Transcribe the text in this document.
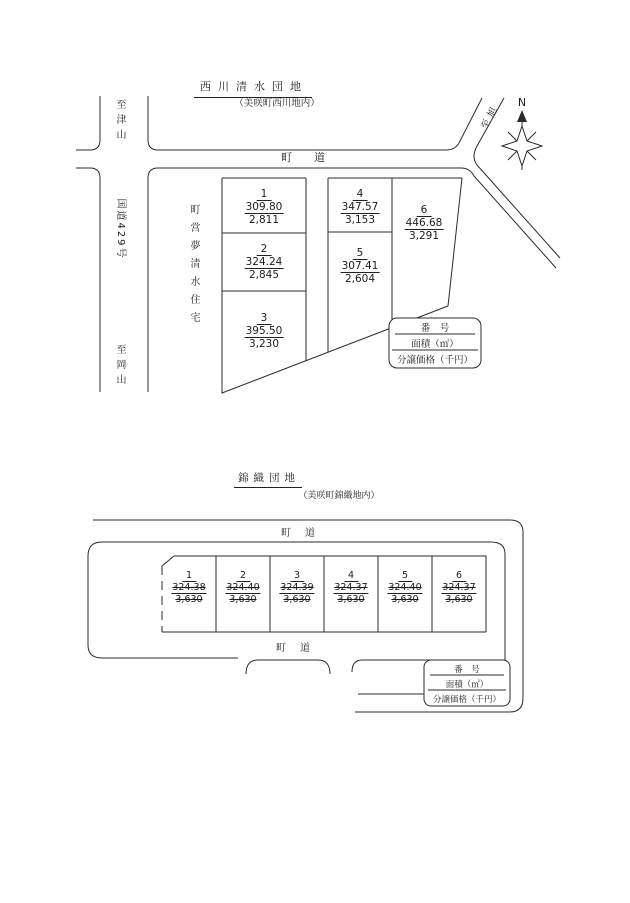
西川清水団地
（美咲町西川地内）
町道
至津山
国道429号
至岡山
町営夢清水住宅
至旭 N
1
309.80
2,811
2
324.24
2,845
3
395.50
3,230
4
347.57
3,153
5
307.41
2,604
6
446.68
3,291
番　号
面積（㎡）
分譲価格（千円）
錦織団地
（美咲町錦織地内）
町道
町道
1
324.38
3,630
2
324.40
3,630
3
324.39
3,630
4
324.37
3,630
5
324.40
3,630
6
324.37
3,630
番　号
面積（㎡）
分譲価格（千円）
